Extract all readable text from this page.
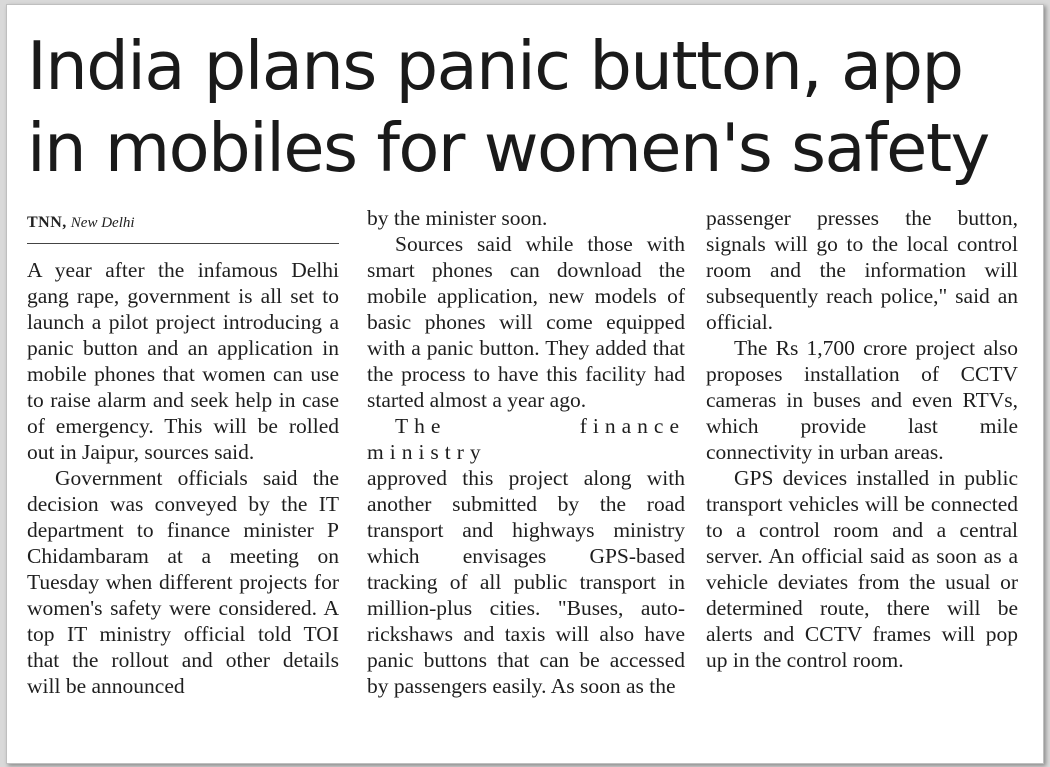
India plans panic button, app in mobiles for women's safety
TNN, New Delhi

A year after the infamous Delhi gang rape, government is all set to launch a pilot project introducing a panic button and an application in mobile phones that women can use to raise alarm and seek help in case of emergency. This will be rolled out in Jaipur, sources said.

Government officials said the decision was conveyed by the IT department to finance minister P Chidambaram at a meeting on Tuesday when different projects for women's safety were considered. A top IT ministry official told TOI that the rollout and other details will be announced

by the minister soon.

Sources said while those with smart phones can download the mobile application, new models of basic phones will come equipped with a panic button. They added that the process to have this facility had started almost a year ago.

The finance ministry

approved this project along with another submitted by the road transport and highways ministry which envisages GPS-based tracking of all public transport in million-plus cities. "Buses, auto-rickshaws and taxis will also have panic buttons that can be accessed by passengers easily. As soon as the

passenger presses the button, signals will go to the local control room and the information will subsequently reach police," said an official.

The Rs 1,700 crore project also proposes installation of CCTV cameras in buses and even RTVs, which provide last mile connectivity in urban areas.

GPS devices installed in public transport vehicles will be connected to a control room and a central server. An official said as soon as a vehicle deviates from the usual or determined route, there will be alerts and CCTV frames will pop up in the control room.
